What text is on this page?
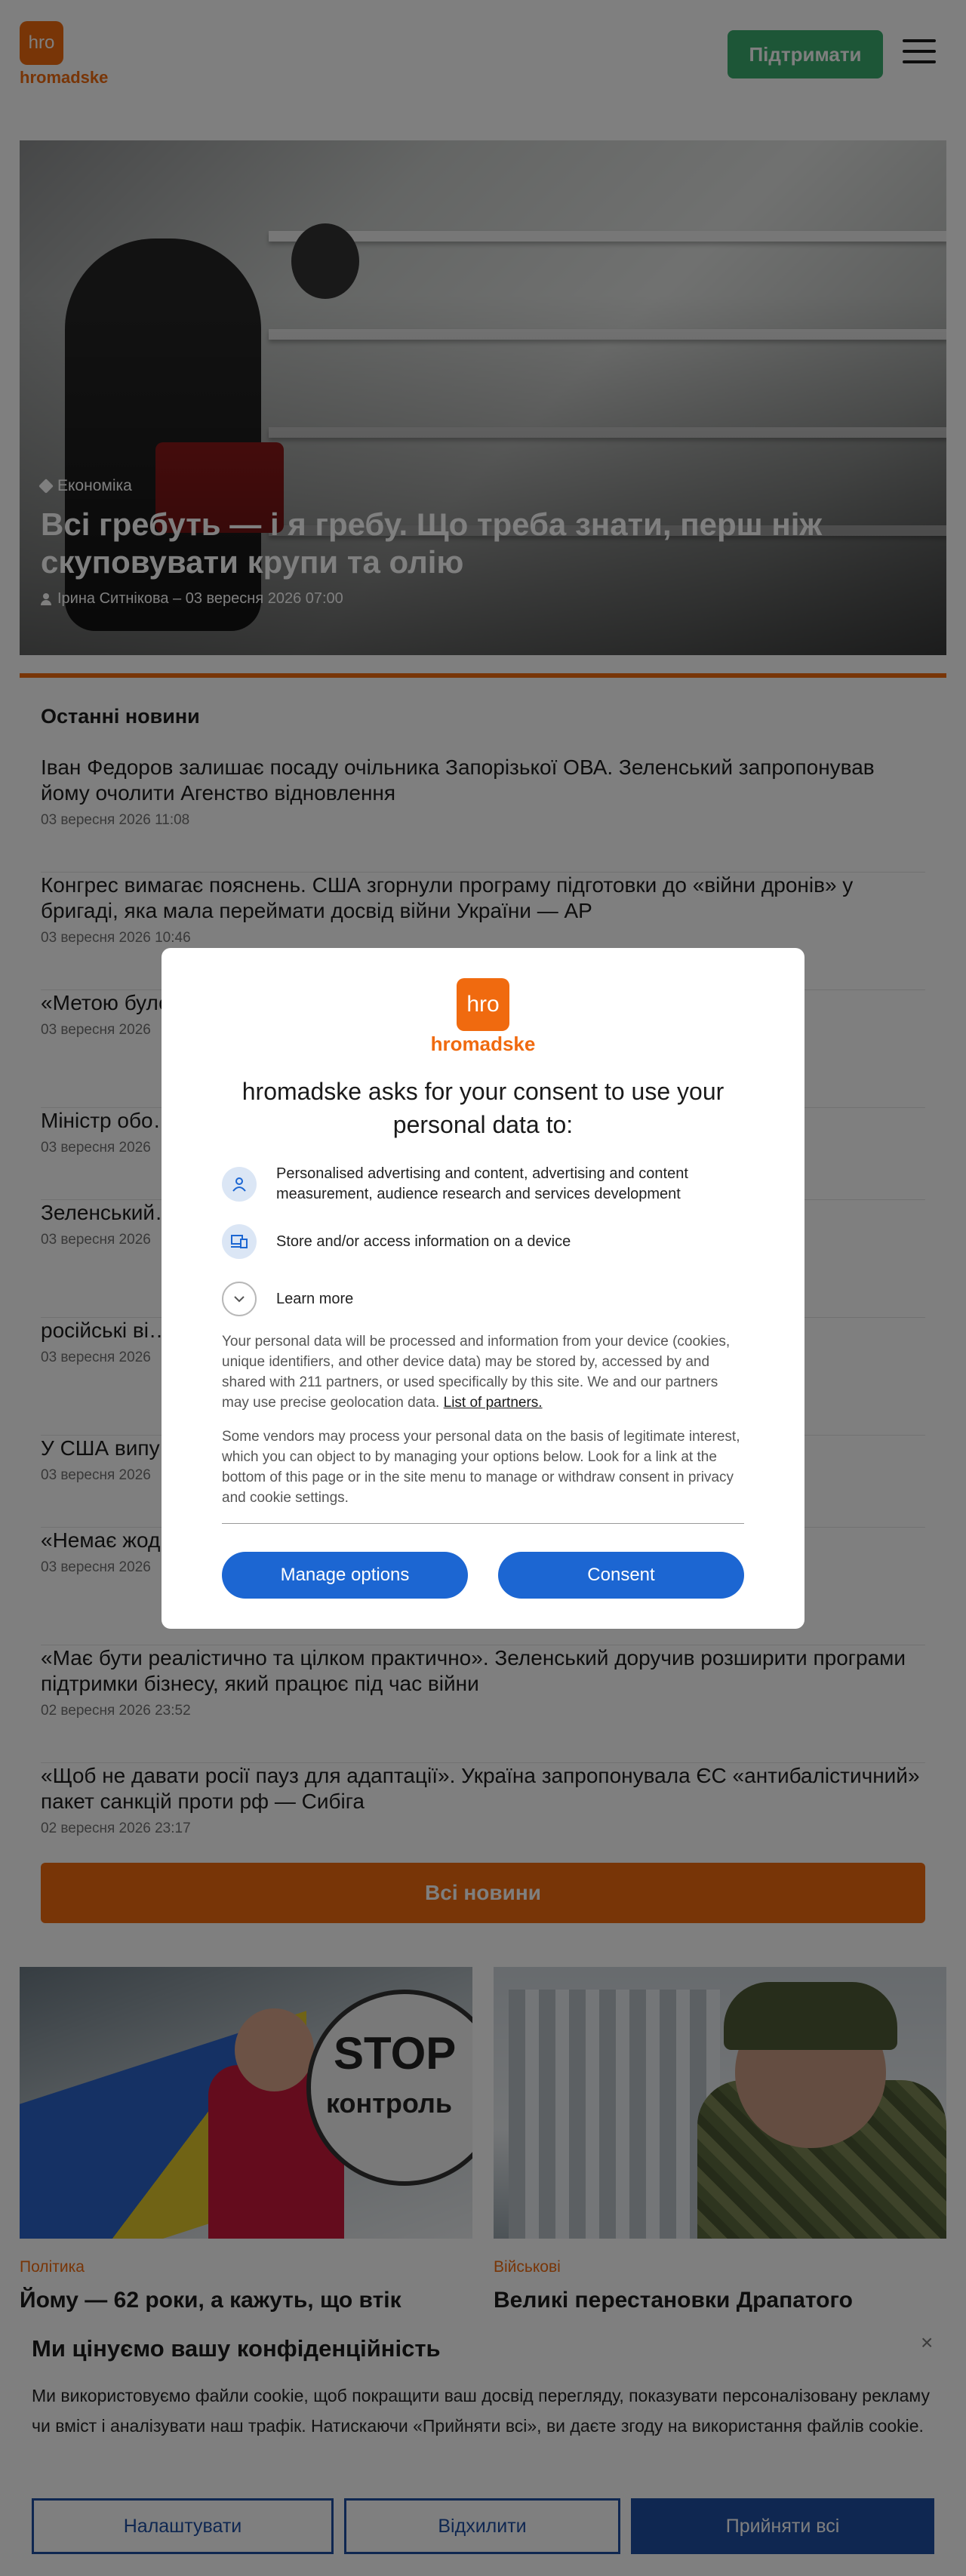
hro
hromadske
hromadske asks for your consent to use your personal data to:
Personalised advertising and content, advertising and content measurement, audience research and services development
Store and/or access information on a device
Learn more
Your personal data will be processed and information from your device (cookies, unique identifiers, and other device data) may be stored by, accessed by and shared with 211 partners, or used specifically by this site. We and our partners may use precise geolocation data. List of partners.
Some vendors may process your personal data on the basis of legitimate interest, which you can object to by managing your options below. Look for a link at the bottom of this page or in the site menu to manage or withdraw consent in privacy and cookie settings.
Manage options	Consent
